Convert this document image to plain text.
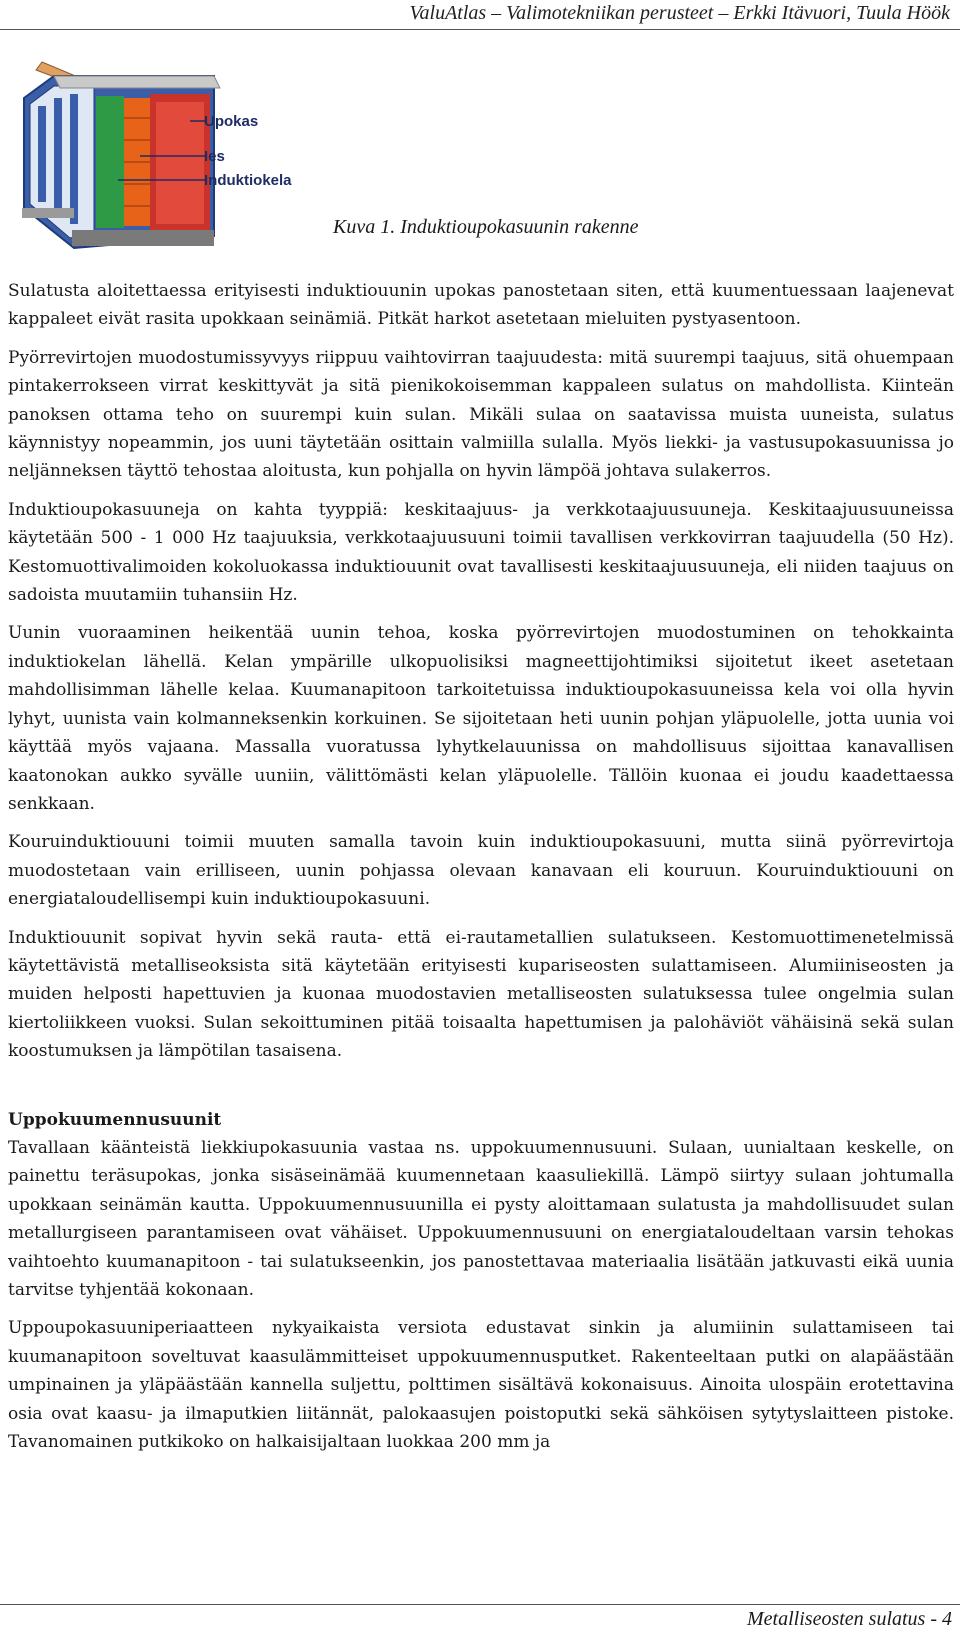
ValuAtlas – Valimotekniikan perusteet – Erkki Itävuori, Tuula Höök
Upokas
Ies
Induktiokela
Kuva 1. Induktioupokasuunin rakenne

Sulatusta aloitettaessa erityisesti induktiouunin upokas panostetaan siten, että kuumentuessaan laajenevat kappaleet eivät rasita upokkaan seinämiä. Pitkät harkot asetetaan mieluiten pystyasentoon.

Pyörrevirtojen muodostumissyvyys riippuu vaihtovirran taajuudesta: mitä suurempi taajuus, sitä ohuempaan pintakerrokseen virrat keskittyvät ja sitä pienikokoisemman kappaleen sulatus on mahdollista. Kiinteän panoksen ottama teho on suurempi kuin sulan. Mikäli sulaa on saatavissa muista uuneista, sulatus käynnistyy nopeammin, jos uuni täytetään osittain valmiilla sulalla. Myös liekki- ja vastusupokasuunissa jo neljänneksen täyttö tehostaa aloitusta, kun pohjalla on hyvin lämpöä johtava sulakerros.

Induktioupokasuuneja on kahta tyyppiä: keskitaajuus- ja verkkotaajuusuuneja. Keskitaajuusuuneissa käytetään 500 - 1 000 Hz taajuuksia, verkkotaajuusuuni toimii tavallisen verkkovirran taajuudella (50 Hz). Kestomuottivalimoiden kokoluokassa induktiouunit ovat tavallisesti keskitaajuusuuneja, eli niiden taajuus on sadoista muutamiin tuhansiin Hz.

Uunin vuoraaminen heikentää uunin tehoa, koska pyörrevirtojen muodostuminen on tehokkainta induktiokelan lähellä. Kelan ympärille ulkopuolisiksi magneettijohtimiksi sijoitetut ikeet asetetaan mahdollisimman lähelle kelaa. Kuumanapitoon tarkoitetuissa induktioupokasuuneissa kela voi olla hyvin lyhyt, uunista vain kolmanneksenkin korkuinen. Se sijoitetaan heti uunin pohjan yläpuolelle, jotta uunia voi käyttää myös vajaana. Massalla vuoratussa lyhytkelauunissa on mahdollisuus sijoittaa kanavallisen kaatonokan aukko syvälle uuniin, välittömästi kelan yläpuolelle. Tällöin kuonaa ei joudu kaadettaessa senkkaan.

Kouruinduktiouuni toimii muuten samalla tavoin kuin induktioupokasuuni, mutta siinä pyörrevirtoja muodostetaan vain erilliseen, uunin pohjassa olevaan kanavaan eli kouruun. Kouruinduktiouuni on energiataloudellisempi kuin induktioupokasuuni.

Induktiouunit sopivat hyvin sekä rauta- että ei-rautametallien sulatukseen. Kestomuottimenetelmissä käytettävistä metalliseoksista sitä käytetään erityisesti kupariseosten sulattamiseen. Alumiiniseosten ja muiden helposti hapettuvien ja kuonaa muodostavien metalliseosten sulatuksessa tulee ongelmia sulan kiertoliikkeen vuoksi. Sulan sekoittuminen pitää toisaalta hapettumisen ja palohäviöt vähäisinä sekä sulan koostumuksen ja lämpötilan tasaisena.

Uppokuumennusuunit

Tavallaan käänteistä liekkiupokasuunia vastaa ns. uppokuumennusuuni. Sulaan, uunialtaan keskelle, on painettu teräsupokas, jonka sisäseinämää kuumennetaan kaasuliekillä. Lämpö siirtyy sulaan johtumalla upokkaan seinämän kautta. Uppokuumennusuunilla ei pysty aloittamaan sulatusta ja mahdollisuudet sulan metallurgiseen parantamiseen ovat vähäiset. Uppokuumennusuuni on energiataloudeltaan varsin tehokas vaihtoehto kuumanapitoon - tai sulatukseenkin, jos panostettavaa materiaalia lisätään jatkuvasti eikä uunia tarvitse tyhjentää kokonaan.

Uppoupokasuuniperiaatteen nykyaikaista versiota edustavat sinkin ja alumiinin sulattamiseen tai kuumanapitoon soveltuvat kaasulämmitteiset uppokuumennusputket. Rakenteeltaan putki on alapäästään umpinainen ja yläpäästään kannella suljettu, polttimen sisältävä kokonaisuus. Ainoita ulospäin erotettavina osia ovat kaasu- ja ilmaputkien liitännät, palokaasujen poistoputki sekä sähköisen sytytyslaitteen pistoke. Tavanomainen putkikoko on halkaisijaltaan luokkaa 200 mm ja

Metalliseosten sulatus - 4
